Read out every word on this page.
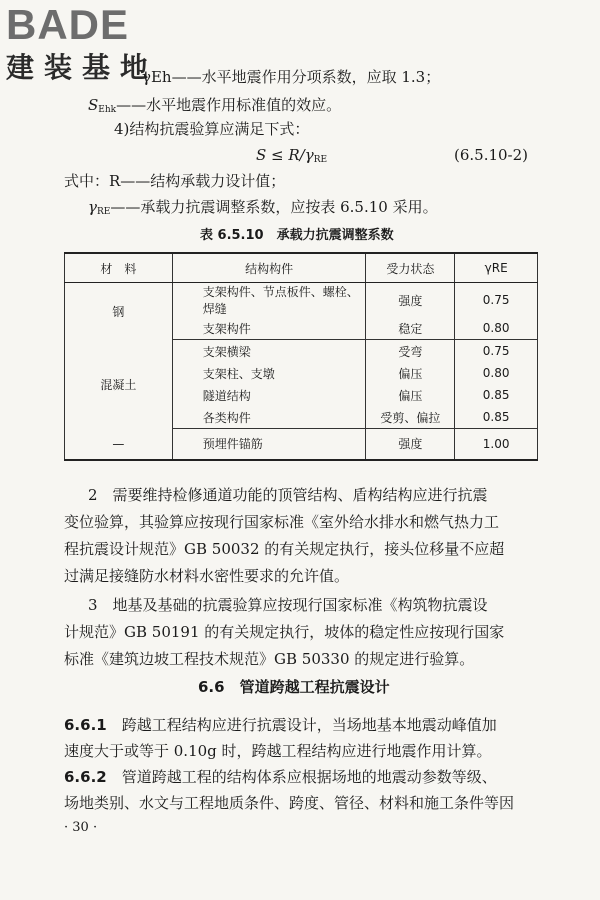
BADE
建装基地
γEh——水平地震作用分项系数，应取 1.3；
$S_{Ehk}——$水平地震作用标准值的效应。
4)结构抗震验算应满足下式：
$S \le R/\gamma_{RE}$	(6.5.10-2)
式中：R——结构承载力设计值；
$\gamma_{RE}——$承载力抗震调整系数，应按表 6.5.10 采用。
表 6.5.10　承载力抗震调整系数
材　料	结构构件	受力状态	γRE
钢	支架构件、节点板件、螺栓、焊缝	强度	0.75
	支架构件	稳定	0.80
混凝土	支架横梁	受弯	0.75
	支架柱、支墩	偏压	0.80
	隧道结构	偏压	0.85
	各类构件	受剪、偏拉	0.85
—	预埋件锚筋	强度	1.00
2　需要维持检修通道功能的顶管结构、盾构结构应进行抗震
变位验算，其验算应按现行国家标准《室外给水排水和燃气热力工
程抗震设计规范》GB 50032 的有关规定执行，接头位移量不应超
过满足接缝防水材料水密性要求的允许值。
3　地基及基础的抗震验算应按现行国家标准《构筑物抗震设
计规范》GB 50191 的有关规定执行，坡体的稳定性应按现行国家
标准《建筑边坡工程技术规范》GB 50330 的规定进行验算。
6.6　管道跨越工程抗震设计
6.6.1　 跨越工程结构应进行抗震设计，当场地基本地震动峰值加
速度大于或等于 0.10g 时，跨越工程结构应进行地震作用计算。
6.6.2　 管道跨越工程的结构体系应根据场地的地震动参数等级、
场地类别、水文与工程地质条件、跨度、管径、材料和施工条件等因
· 30 ·
